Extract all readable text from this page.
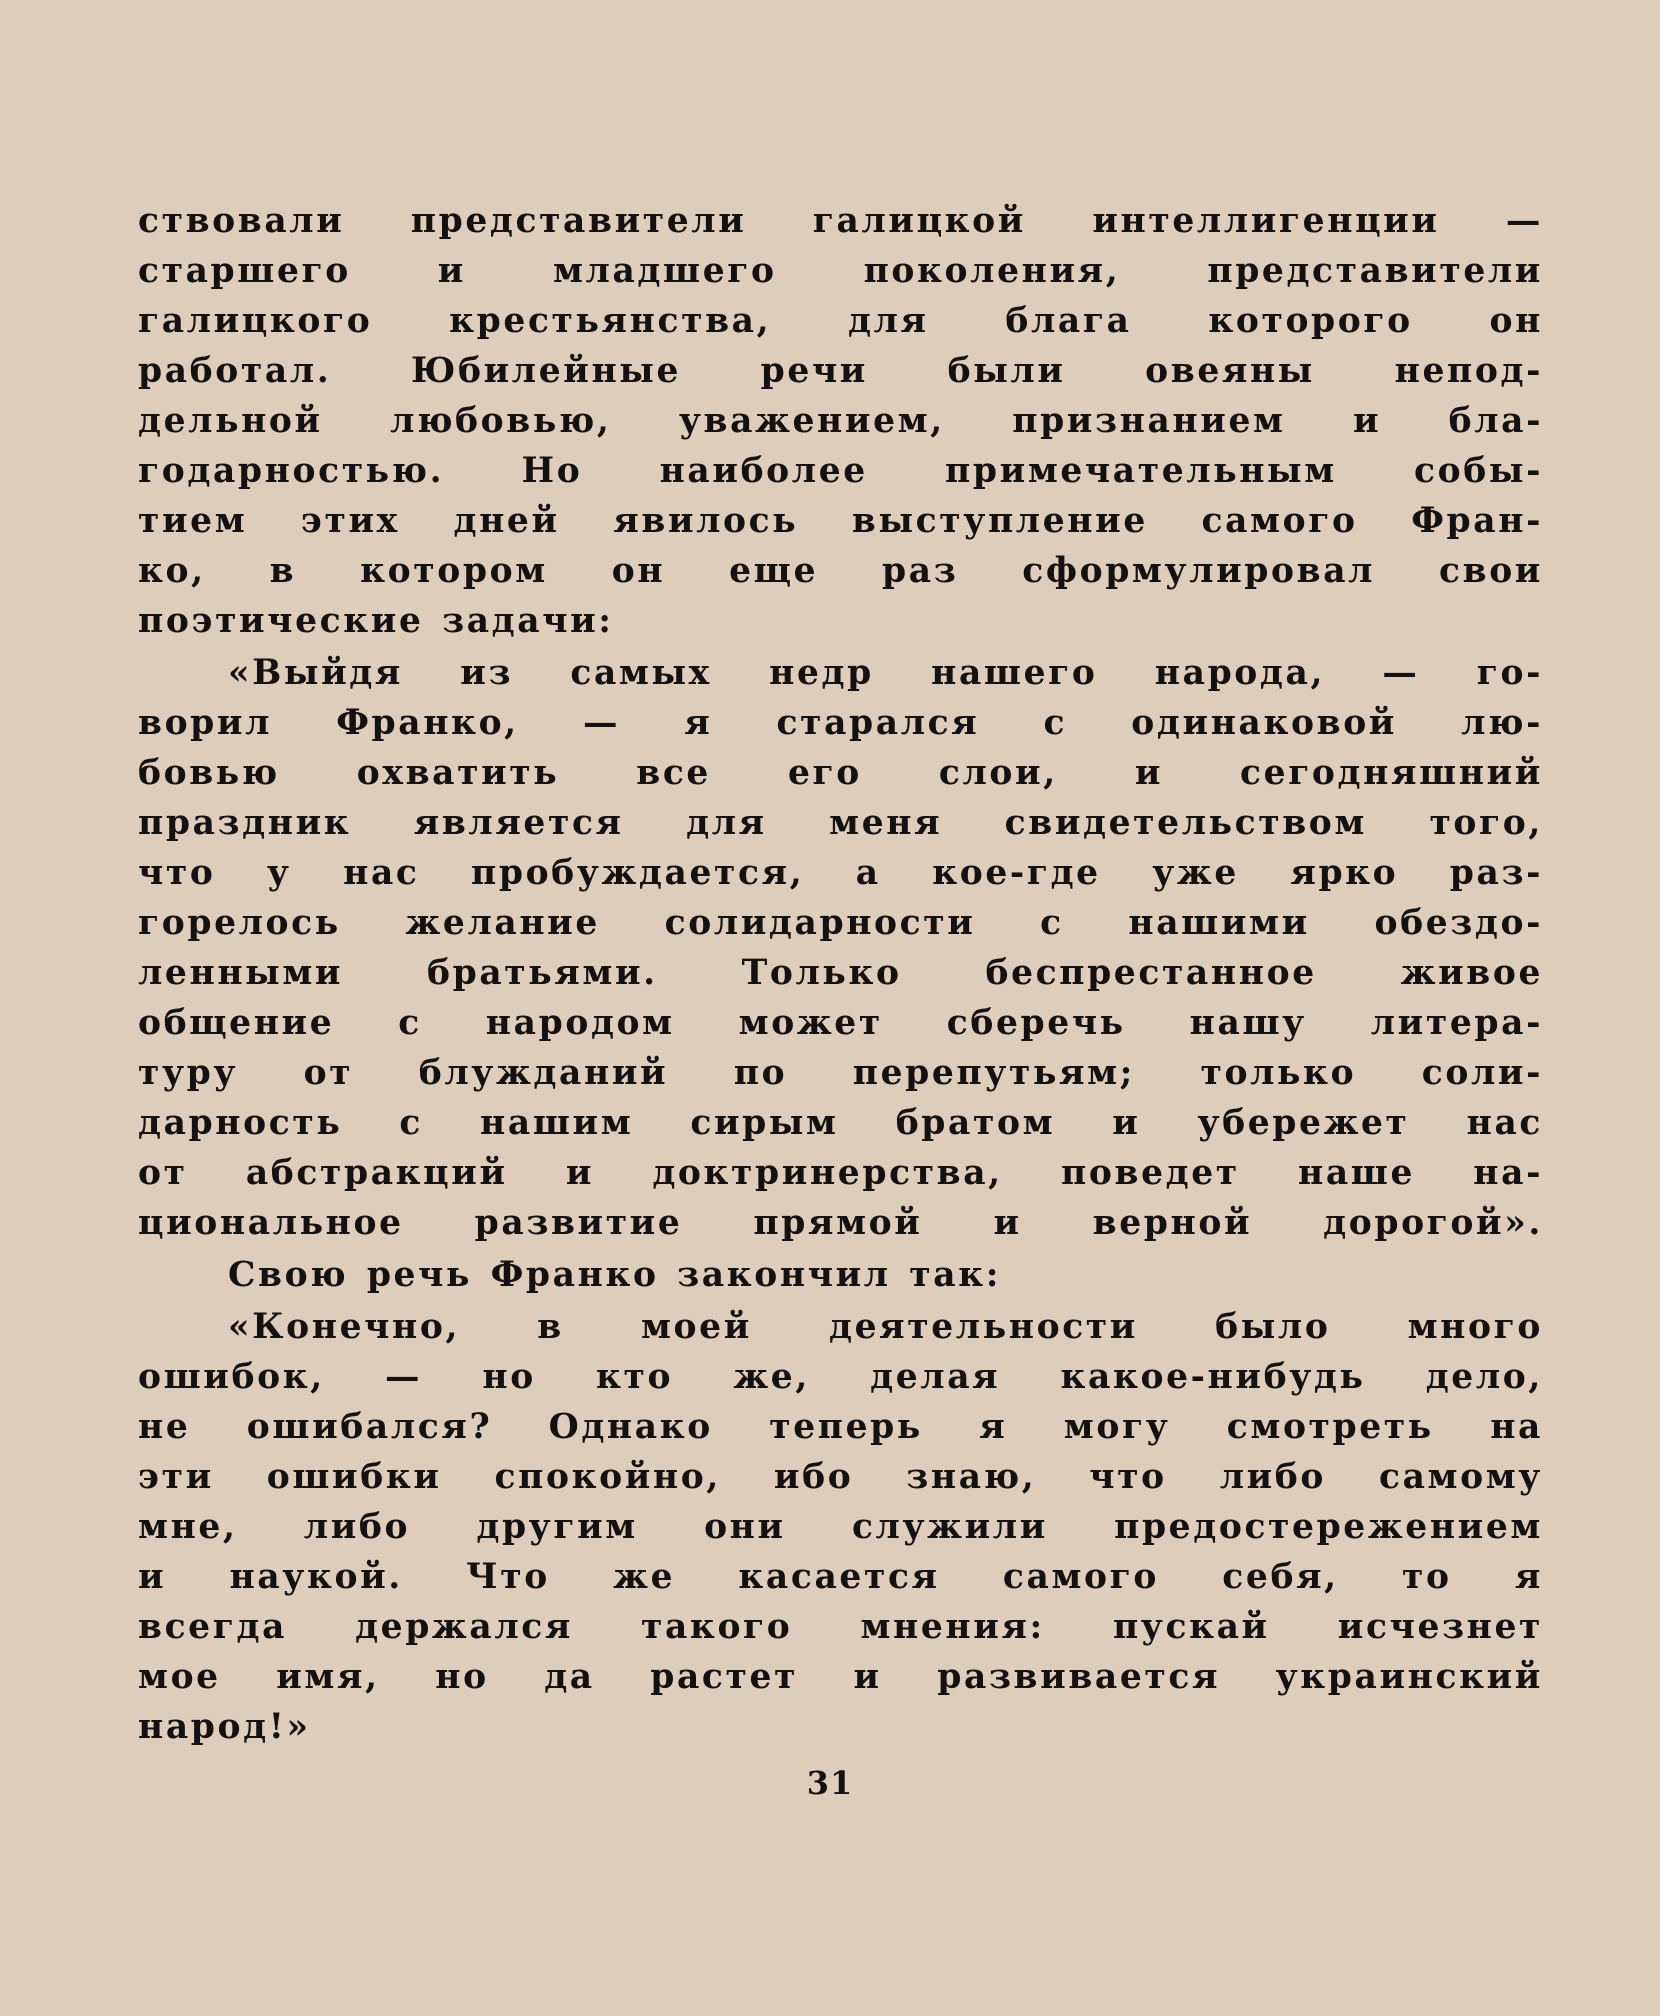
ствовали представители галицкой интеллигенции —
старшего и младшего поколения, представители
галицкого крестьянства, для блага которого он
работал. Юбилейные речи были овеяны непод-
дельной любовью, уважением, признанием и бла-
годарностью. Но наиболее примечательным собы-
тием этих дней явилось выступление самого Фран-
ко, в котором он еще раз сформулировал свои
поэтические задачи:
«Выйдя из самых недр нашего народа, — го-
ворил Франко, — я старался с одинаковой лю-
бовью охватить все его слои, и сегодняшний
праздник является для меня свидетельством того,
что у нас пробуждается, а кое-где уже ярко раз-
горелось желание солидарности с нашими обездо-
ленными братьями. Только беспрестанное живое
общение с народом может сберечь нашу литера-
туру от блужданий по перепутьям; только соли-
дарность с нашим сирым братом и убережет нас
от абстракций и доктринерства, поведет наше на-
циональное развитие прямой и верной дорогой».
Свою речь Франко закончил так:
«Конечно, в моей деятельности было много
ошибок, — но кто же, делая какое-нибудь дело,
не ошибался? Однако теперь я могу смотреть на
эти ошибки спокойно, ибо знаю, что либо самому
мне, либо другим они служили предостережением
и наукой. Что же касается самого себя, то я
всегда держался такого мнения: пускай исчезнет
мое имя, но да растет и развивается украинский
народ!»
31
